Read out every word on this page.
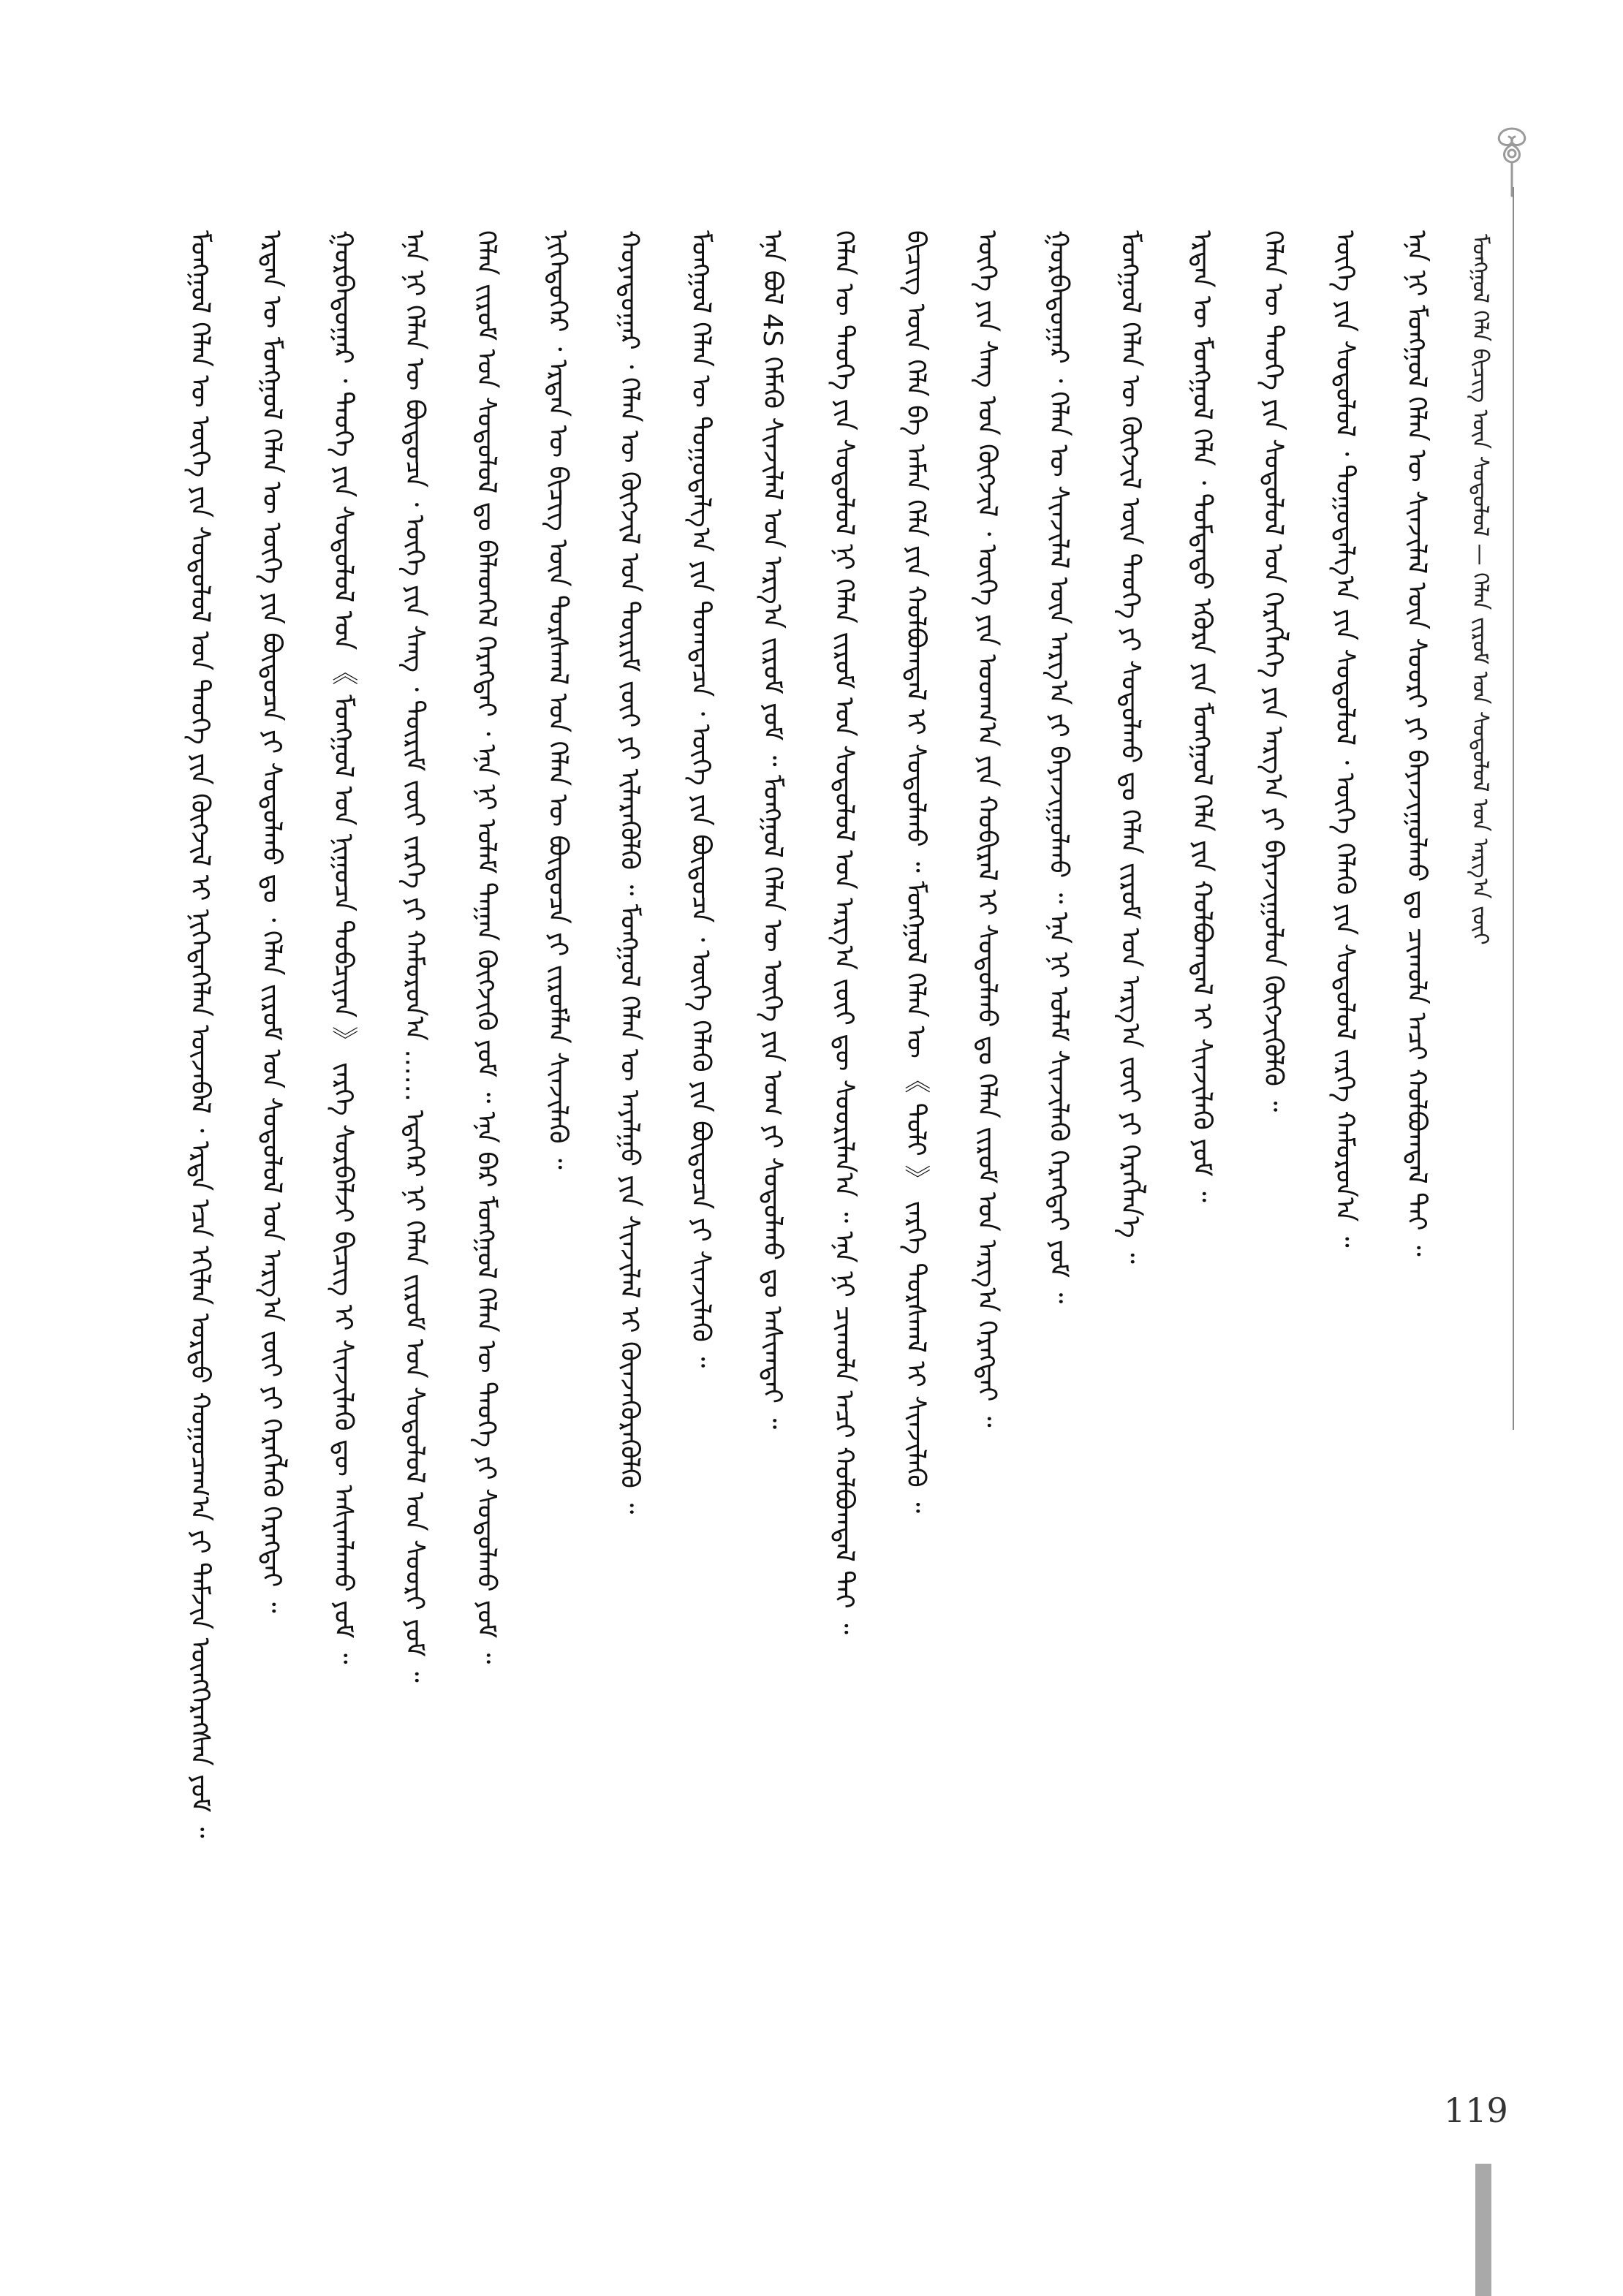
ᠮᠣᠩᠭᠣᠯ ᠬᠡᠯᠡ ᠪᠢᠴᠢᠭ᠌ ᠦᠨ ᠰᠤᠳᠤᠯᠤᠯ — ᠬᠡᠯᠡᠨ ᠵᠢᠷᠤᠮ ᠤᠨ ᠰᠤᠳᠤᠯᠤᠯ ᠤᠨ ᠠᠷᠭ᠎ᠠ ᠵᠦᠢ
ᠮᠣᠩᠭᠣᠯ ᠬᠡᠯᠡᠨ ᠦ ᠦᠭᠡ ᠶᠢᠨ ᠰᠤᠳᠤᠯᠤᠯ ᠤᠨ ᠲᠡᠦᠬᠡ ᠶᠢᠨ ᠬᠥᠭᠵᠢᠯ ᠢ ᠨᠢᠭᠡᠳᠡᠭᠡᠯᠡᠨ ᠦᠵᠡᠪᠡᠯ ᠂ ᠡᠷᠲᠡ ᠡᠴᠡ ᠡᠬᠢᠯᠡᠨ ᠤᠷᠲᠤ ᠬᠤᠭᠤᠴᠠᠭ᠎ᠠ ᠶᠢ ᠳᠠᠮᠵᠢᠨ ᠥᠩᠭᠡᠷᠡᠭᠰᠡᠨ ᠶᠤᠮ ᠃ ᠡᠷᠲᠡᠨ ᠦ ᠮᠣᠩᠭᠣᠯ ᠬᠡᠯᠡᠨ ᠦ ᠦᠭᠡ ᠶᠢᠨ ᠪᠦᠲᠦᠴᠡ ᠶᠢ ᠰᠤᠳᠤᠯᠬᠤ ᠳᠤ ᠂ ᠬᠡᠯᠡᠨ ᠵᠢᠷᠤᠮ ᠤᠨ ᠰᠤᠳᠤᠯᠤᠯ ᠤᠨ ᠠᠷᠭ᠎ᠠ ᠵᠦᠢ ᠶᠢ ᠬᠡᠷᠡᠭᠯᠡᠬᠦ ᠬᠡᠷᠡᠭᠲᠡᠢ ᠃ ᠭᠤᠷᠪᠠᠳᠤᠭᠠᠷ ᠂ ᠲᠡᠦᠬᠡ ᠶᠢᠨ ᠰᠤᠳᠤᠯᠤᠯ ᠤᠨ 《 ᠮᠣᠩᠭᠣᠯ ᠤᠨ ᠨᠢᠭᠤᠴᠠ ᠲᠣᠪᠴᠢᠶᠠᠨ 》 ᠵᠡᠷᠭᠡ ᠰᠤᠷᠪᠠᠯᠵᠢ ᠪᠢᠴᠢᠭ ᠢ ᠰᠢᠨᠵᠢᠯᠡᠬᠦ ᠳᠦ ᠠᠰᠢᠭᠯᠠᠬᠤ ᠶᠤᠮ ᠃ ᠡᠨᠡ ᠨᠢ ᠬᠡᠯᠡᠨ ᠦ ᠪᠦᠲᠦᠴᠡ ᠂ ᠦᠭᠡ ᠶᠢᠨ ᠰᠠᠩ ᠂ ᠳᠦᠷᠢᠮ ᠵᠦᠢ ᠵᠡᠷᠭᠡ ᠶᠢ ᠬᠠᠮᠤᠷᠤᠨ᠎ᠠ …… ᠡᠳᠡᠭᠡᠷ ᠨᠢ ᠬᠡᠯᠡᠨ ᠵᠢᠷᠤᠮ ᠤᠨ ᠰᠤᠳᠤᠯᠤᠯ ᠤᠨ ᠰᠤᠤᠷᠢ ᠶᠤᠮ ᠃ ᠬᠡᠯᠡᠨ ᠵᠢᠷᠤᠮ ᠤᠨ ᠰᠤᠳᠤᠯᠤᠯ ᠳᠤ ᠪᠡᠯᠡᠳᠬᠡᠯ ᠬᠡᠷᠡᠭᠲᠡᠢ ᠂ ᠡᠨᠡ ᠨᠢ ᠤᠯᠠᠮ ᠳᠠᠭᠠᠨ ᠬᠥᠭᠵᠢᠬᠦ ᠶᠤᠮ ᠃ ᠡᠨᠡ ᠪᠡᠷ ᠮᠣᠩᠭᠣᠯ ᠬᠡᠯᠡᠨ ᠦ ᠲᠡᠦᠬᠡ ᠶᠢ ᠰᠤᠳᠤᠯᠬᠤ ᠶᠤᠮ ᠃ ᠨᠢᠭᠡᠳᠦᠭᠡᠷ ᠂ ᠡᠷᠲᠡᠨ ᠦ ᠪᠢᠴᠢᠭ᠌ ᠦᠨ ᠳᠤᠷᠰᠬᠠᠯ ᠤᠨ ᠬᠡᠯᠡᠨ ᠦ ᠪᠦᠲᠦᠴᠡ ᠶᠢ ᠵᠢᠷᠤᠮᠯᠠᠨ ᠰᠢᠨᠵᠢᠯᠡᠬᠦ ᠃ ᠬᠣᠶᠠᠳᠤᠭᠠᠷ ᠂ ᠬᠡᠯᠡᠨ ᠦ ᠬᠥᠭᠵᠢᠯ ᠤᠨ ᠳᠦᠷᠢᠮ ᠵᠦᠢ ᠶᠢ ᠢᠯᠡᠷᠡᠬᠦᠯᠬᠦ ᠃ ᠮᠣᠩᠭᠣᠯ ᠬᠡᠯᠡᠨ ᠦ ᠠᠶᠠᠯᠭᠤ ᠶᠢᠨ ᠰᠢᠨᠵᠢᠯᠡᠯ ᠢ ᠭᠦᠨᠵᠡᠭᠦᠷᠡᠭᠦᠯᠬᠦ ᠃ ᠮᠣᠩᠭᠣᠯ ᠬᠡᠯᠡᠨ ᠦ ᠳᠤᠭᠤᠳᠠᠯᠭ᠎ᠠ ᠶᠢᠨ ᠲᠣᠭᠲᠠᠴᠠ ᠂ ᠦᠭᠡ ᠶᠢᠨ ᠪᠦᠲᠦᠴᠡ ᠂ ᠦᠭᠡ ᠬᠡᠯᠡᠬᠦ ᠶᠢᠨ ᠪᠦᠲᠦᠴᠡ ᠶᠢ ᠰᠢᠨᠵᠢᠯᠡᠬᠦ ᠃ ᠡᠨᠡ ᠪᠣᠯ 4S ᠬᠡᠮᠡᠬᠦ ᠰᠢᠨᠵᠢᠯᠡᠯ ᠤᠨ ᠠᠷᠭ᠎ᠠ ᠵᠢᠷᠤᠮ ᠶᠤᠮ ᠃ ᠮᠣᠩᠭᠣᠯ ᠬᠡᠯᠡᠨ ᠦ ᠦᠭᠡ ᠶᠢᠨ ᠤᠭ ᠶᠢ ᠰᠤᠳᠤᠯᠬᠤ ᠳᠤ ᠠᠰᠢᠭᠲᠠᠢ ᠃ ᠬᠡᠯᠡᠨ ᠦ ᠲᠡᠦᠬᠡ ᠶᠢᠨ ᠰᠤᠳᠤᠯᠤᠯ ᠨᠢ ᠬᠡᠯᠡᠨ ᠵᠢᠷᠤᠮ ᠤᠨ ᠰᠤᠳᠤᠯᠤᠯ ᠤᠨ ᠠᠷᠭ᠎ᠠ ᠵᠦᠢ ᠳᠦ ᠰᠤᠤᠷᠢᠯᠠᠨ᠎ᠠ ᠃ ᠡᠨᠡ ᠨᠢ ᠴᠢᠬᠤᠯᠠ ᠠᠴᠢ ᠬᠣᠯᠪᠣᠭᠳᠠᠯ ᠲᠠᠢ ᠃ ᠪᠢᠴᠢᠭ᠌ ᠦᠨ ᠬᠡᠯᠡ ᠪᠠ ᠠᠮᠠᠨ ᠬᠡᠯᠡ ᠶᠢᠨ ᠬᠣᠯᠪᠣᠭᠳᠠᠯ ᠢ ᠰᠤᠳᠤᠯᠬᠤ ᠃ ᠮᠣᠩᠭᠣᠯ ᠬᠡᠯᠡᠨ ᠦ 《 ᠲᠤᠯᠢ 》 ᠵᠡᠷᠭᠡ ᠳᠤᠷᠰᠬᠠᠯ ᠢ ᠰᠢᠨᠵᠢᠯᠡᠬᠦ ᠃ ᠦᠭᠡ ᠶᠢᠨ ᠰᠠᠩ ᠤᠨ ᠬᠥᠭᠵᠢᠯ ᠂ ᠦᠭᠡ ᠶᠢᠨ ᠤᠳᠬ᠎ᠠ ᠶᠢᠨ ᠬᠤᠪᠢᠷᠠᠯ ᠢ ᠰᠤᠳᠤᠯᠬᠤ ᠳᠤ ᠬᠡᠯᠡᠨ ᠵᠢᠷᠤᠮ ᠤᠨ ᠠᠷᠭ᠎ᠠ ᠬᠡᠷᠡᠭᠲᠡᠢ ᠃ ᠭᠤᠷᠪᠠᠳᠤᠭᠠᠷ ᠂ ᠬᠡᠯᠡᠨ ᠦ ᠰᠢᠨᠵᠢᠯᠡᠯ ᠦᠨ ᠠᠷᠭ᠎ᠠ ᠶᠢ ᠪᠠᠶᠠᠵᠢᠭᠤᠯᠬᠤ ᠃ ᠡᠨᠡ ᠨᠢ ᠤᠯᠠᠮ ᠰᠢᠨᠵᠢᠯᠡᠬᠦ ᠬᠡᠷᠡᠭᠲᠡᠢ ᠶᠤᠮ ᠃ ᠮᠣᠩᠭᠣᠯ ᠬᠡᠯᠡᠨ ᠦ ᠬᠥᠭᠵᠢᠯ ᠦᠨ ᠲᠡᠦᠬᠡ ᠶᠢ ᠰᠤᠳᠤᠯᠬᠤ ᠳᠤ ᠬᠡᠯᠡᠨ ᠵᠢᠷᠤᠮ ᠤᠨ ᠠᠷᠭ᠎ᠠ ᠵᠦᠢ ᠶᠢ ᠬᠡᠷᠡᠭᠯᠡᠨ᠎ᠡ ᠃ ᠡᠷᠲᠡᠨ ᠦ ᠮᠣᠩᠭᠣᠯ ᠬᠡᠯᠡ ᠂ ᠳᠤᠮᠳᠠᠳᠤ ᠡᠭᠦᠷᠡ ᠶᠢᠨ ᠮᠣᠩᠭᠣᠯ ᠬᠡᠯᠡ ᠶᠢᠨ ᠬᠣᠯᠪᠣᠭᠳᠠᠯ ᠢ ᠰᠢᠨᠵᠢᠯᠡᠬᠦ ᠶᠤᠮ ᠃ ᠬᠡᠯᠡᠨ ᠦ ᠲᠡᠦᠬᠡ ᠶᠢᠨ ᠰᠤᠳᠤᠯᠤᠯ ᠤᠨ ᠬᠡᠷᠡᠭᠯᠡᠭᠡ ᠶᠢᠨ ᠠᠷᠭ᠎ᠠ ᠶᠢ ᠪᠠᠶᠠᠵᠢᠭᠤᠯᠤᠨ ᠬᠥᠭᠵᠢᠭᠦᠯᠬᠦ ᠃ ᠦᠭᠡ ᠶᠢᠨ ᠰᠤᠳᠤᠯᠤᠯ ᠂ ᠳᠤᠭᠤᠳᠠᠯᠭ᠎ᠠ ᠶᠢᠨ ᠰᠤᠳᠤᠯᠤᠯ ᠂ ᠦᠭᠡ ᠬᠡᠯᠡᠬᠦ ᠶᠢᠨ ᠰᠤᠳᠤᠯᠤᠯ ᠵᠡᠷᠭᠡ ᠬᠠᠮᠤᠷᠤᠨ᠎ᠠ ᠃ ᠡᠨᠡ ᠨᠢ ᠮᠣᠩᠭᠣᠯ ᠬᠡᠯᠡᠨ ᠦ ᠰᠢᠨᠵᠢᠯᠡᠯ ᠦᠨ ᠰᠤᠤᠷᠢ ᠶᠢ ᠪᠠᠶᠠᠵᠢᠭᠤᠯᠬᠤ ᠳᠤ ᠴᠢᠬᠤᠯᠠ ᠠᠴᠢ ᠬᠣᠯᠪᠣᠭᠳᠠᠯ ᠲᠠᠢ ᠃
119
